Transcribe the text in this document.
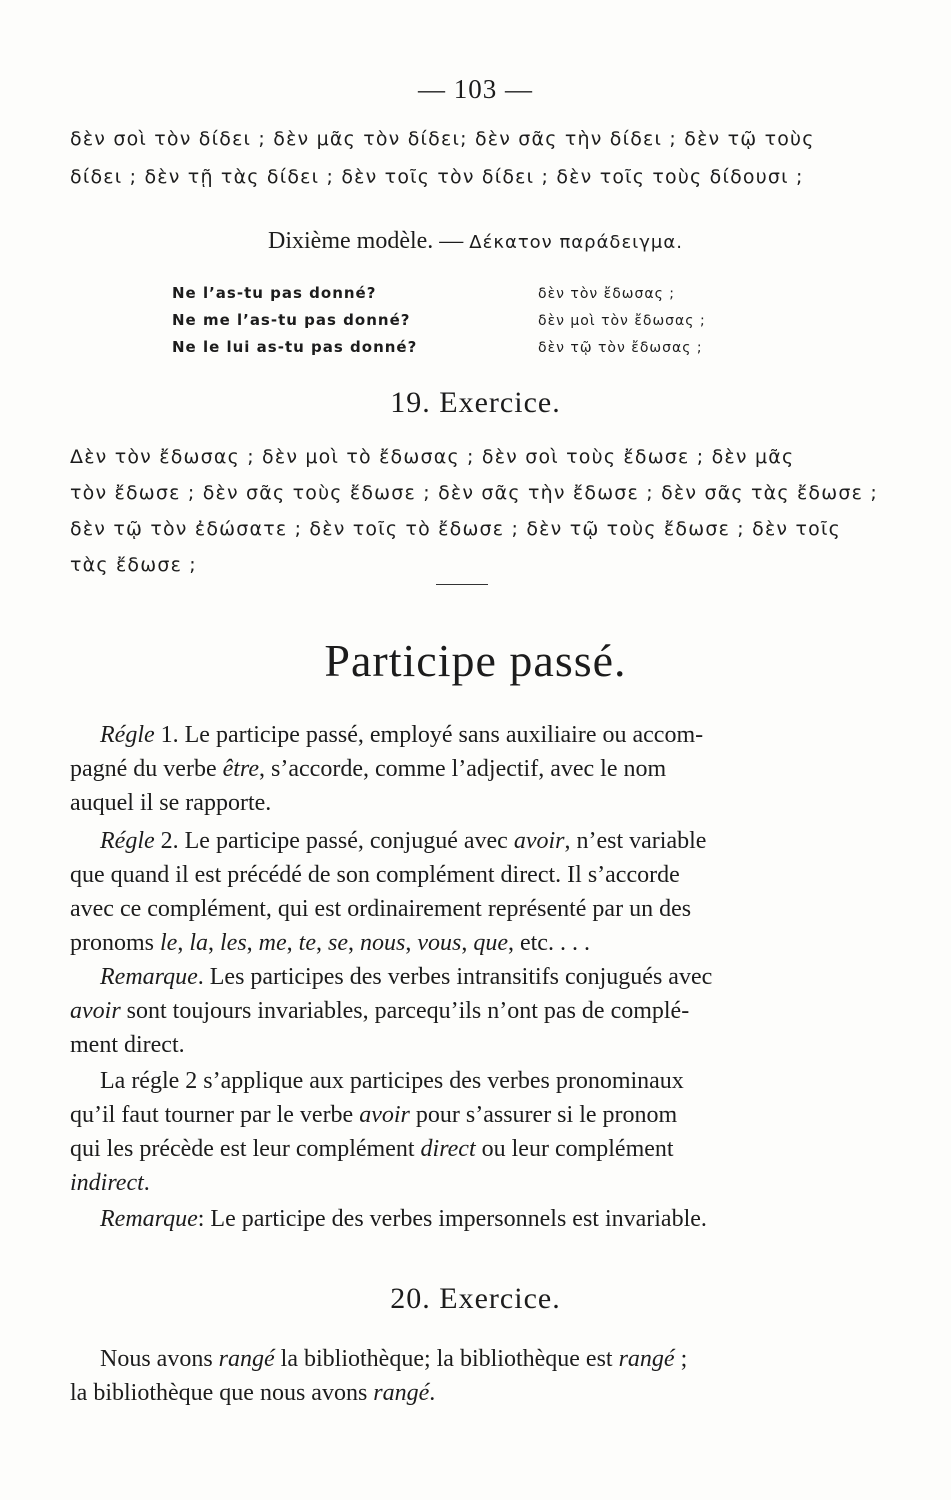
— 103 —
δὲν σοὶ τὸν δίδει ; δὲν μᾶς τὸν δίδει; δὲν σᾶς τὴν δίδει ; δὲν τῷ τοὺς
δίδει ; δὲν τῇ τὰς δίδει ; δὲν τοῖς τὸν δίδει ; δὲν τοῖς τοὺς δίδουσι ;
Dixième modèle. — Δέκατον παράδειγμα.
Ne l’as-tu pas donné?	δὲν τὸν ἔδωσας ;
Ne me l’as-tu pas donné?	δὲν μοὶ τὸν ἔδωσας ;
Ne le lui as-tu pas donné?	δὲν τῷ τὸν ἔδωσας ;
19. Exercice.
Δὲν τὸν ἔδωσας ; δὲν μοὶ τὸ ἔδωσας ; δὲν σοὶ τοὺς ἔδωσε ; δὲν μᾶς
τὸν ἔδωσε ; δὲν σᾶς τοὺς ἔδωσε ; δὲν σᾶς τὴν ἔδωσε ; δὲν σᾶς τὰς ἔδωσε ;
δὲν τῷ τὸν ἐδώσατε ; δὲν τοῖς τὸ ἔδωσε ; δὲν τῷ τοὺς ἔδωσε ; δὲν τοῖς
τὰς ἔδωσε ;
Participe passé.
Régle 1. Le participe passé, employé sans auxiliaire ou accom-
pagné du verbe être, s’accorde, comme l’adjectif, avec le nom
auquel il se rapporte.
Régle 2. Le participe passé, conjugué avec avoir, n’est variable
que quand il est précédé de son complément direct. Il s’accorde
avec ce complément, qui est ordinairement représenté par un des
pronoms le, la, les, me, te, se, nous, vous, que, etc. . . .
Remarque. Les participes des verbes intransitifs conjugués avec
avoir sont toujours invariables, parcequ’ils n’ont pas de complé-
ment direct.
La régle 2 s’applique aux participes des verbes pronominaux
qu’il faut tourner par le verbe avoir pour s’assurer si le pronom
qui les précède est leur complément direct ou leur complément
indirect.
Remarque: Le participe des verbes impersonnels est invariable.
20. Exercice.
Nous avons rangé la bibliothèque; la bibliothèque est rangé ;
la bibliothèque que nous avons rangé.
